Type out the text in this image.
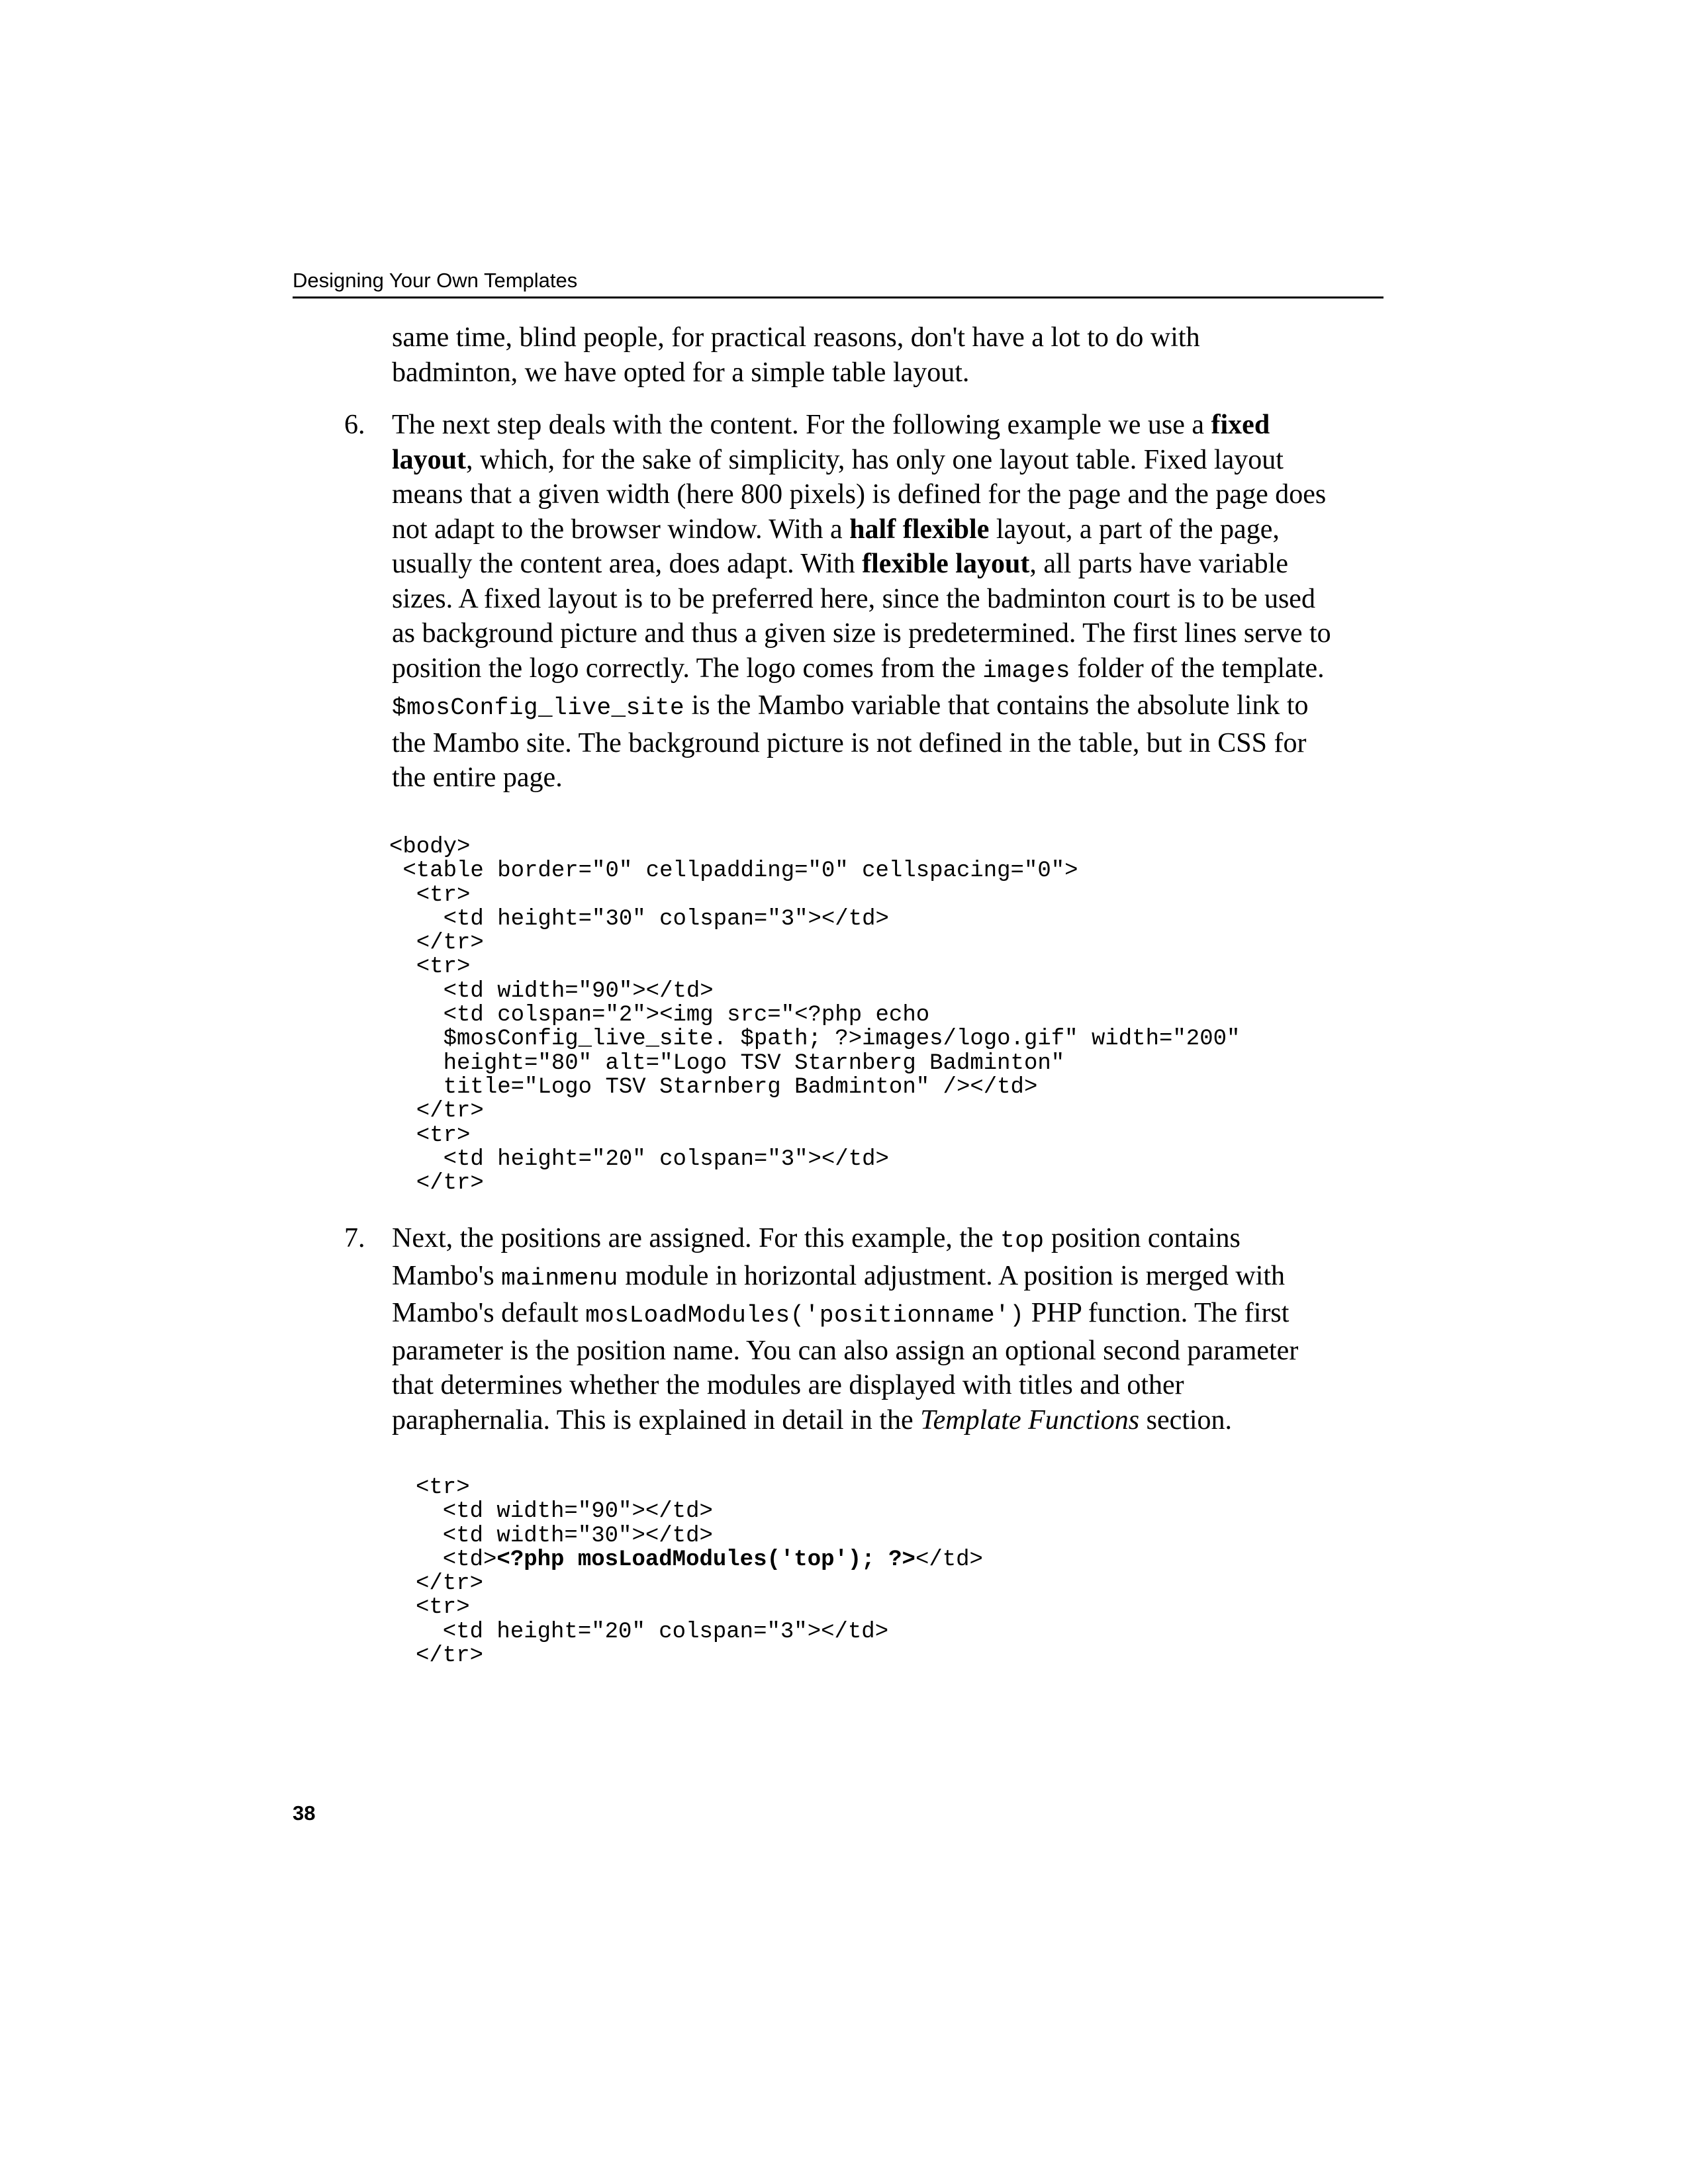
Designing Your Own Templates

same time, blind people, for practical reasons, don't have a lot to do with badminton, we have opted for a simple table layout.

6. The next step deals with the content. For the following example we use a fixed layout, which, for the sake of simplicity, has only one layout table. Fixed layout means that a given width (here 800 pixels) is defined for the page and the page does not adapt to the browser window. With a half flexible layout, a part of the page, usually the content area, does adapt. With flexible layout, all parts have variable sizes. A fixed layout is to be preferred here, since the badminton court is to be used as background picture and thus a given size is predetermined. The first lines serve to position the logo correctly. The logo comes from the images folder of the template. $mosConfig_live_site is the Mambo variable that contains the absolute link to the Mambo site. The background picture is not defined in the table, but in CSS for the entire page.

<body>
<table border="0" cellpadding="0" cellspacing="0">
<tr>
<td height="30" colspan="3"></td>
</tr>
<tr>
<td width="90"></td>
<td colspan="2"><img src="<?php echo
$mosConfig_live_site. $path; ?>images/logo.gif" width="200"
height="80" alt="Logo TSV Starnberg Badminton"
title="Logo TSV Starnberg Badminton" /></td>
</tr>
<tr>
<td height="20" colspan="3"></td>
</tr>
7. Next, the positions are assigned. For this example, the top position contains Mambo's mainmenu module in horizontal adjustment. A position is merged with Mambo's default mosLoadModules('positionname') PHP function. The first parameter is the position name. You can also assign an optional second parameter that determines whether the modules are displayed with titles and other paraphernalia. This is explained in detail in the Template Functions section.

<tr>
<td width="90"></td>
<td width="30"></td>
<td><?php mosLoadModules('top'); ?></td>
</tr>
<tr>
<td height="20" colspan="3"></td>
</tr>
38
